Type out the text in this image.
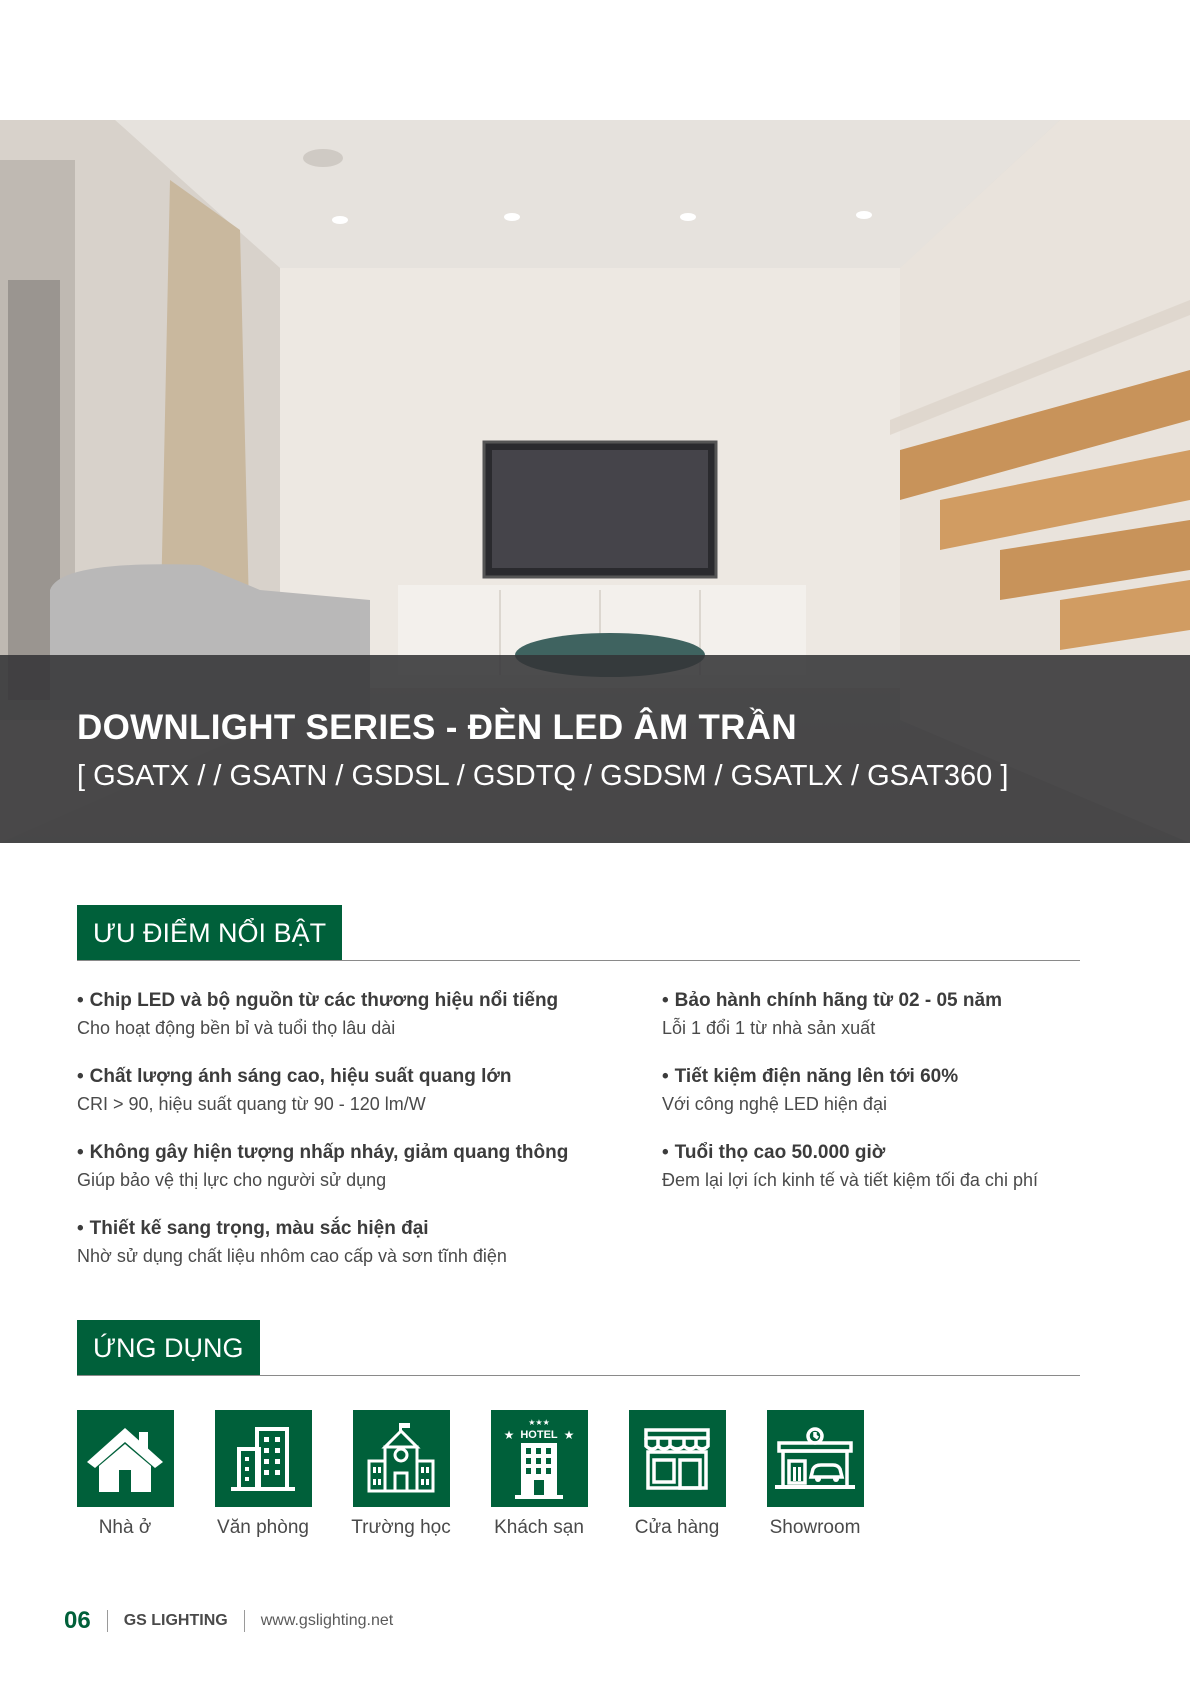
DOWNLIGHT SERIES - ĐÈN LED ÂM TRẦN

[ GSATX / / GSATN / GSDSL / GSDTQ / GSDSM / GSATLX / GSAT360 ]

ƯU ĐIỂM NỔI BẬT

• Chip LED và bộ nguồn từ các thương hiệu nổi tiếng

Cho hoạt động bền bỉ và tuổi thọ lâu dài

• Chất lượng ánh sáng cao, hiệu suất quang lớn

CRI > 90, hiệu suất quang từ 90 - 120 lm/W

• Không gây hiện tượng nhấp nháy, giảm quang thông

Giúp bảo vệ thị lực cho người sử dụng

• Thiết kế sang trọng, màu sắc hiện đại

Nhờ sử dụng chất liệu nhôm cao cấp và sơn tĩnh điện

• Bảo hành chính hãng từ 02 - 05 năm

Lỗi 1 đổi 1 từ nhà sản xuất

• Tiết kiệm điện năng lên tới 60%

Với công nghệ LED hiện đại

• Tuổi thọ cao 50.000 giờ

Đem lại lợi ích kinh tế và tiết kiệm tối đa chi phí

ỨNG DỤNG
Nhà ở	Văn phòng	Trường học
★★★
★	★
HOTEL
Khách sạn	Cửa hàng	Showroom
06 GS LIGHTING www.gslighting.net
